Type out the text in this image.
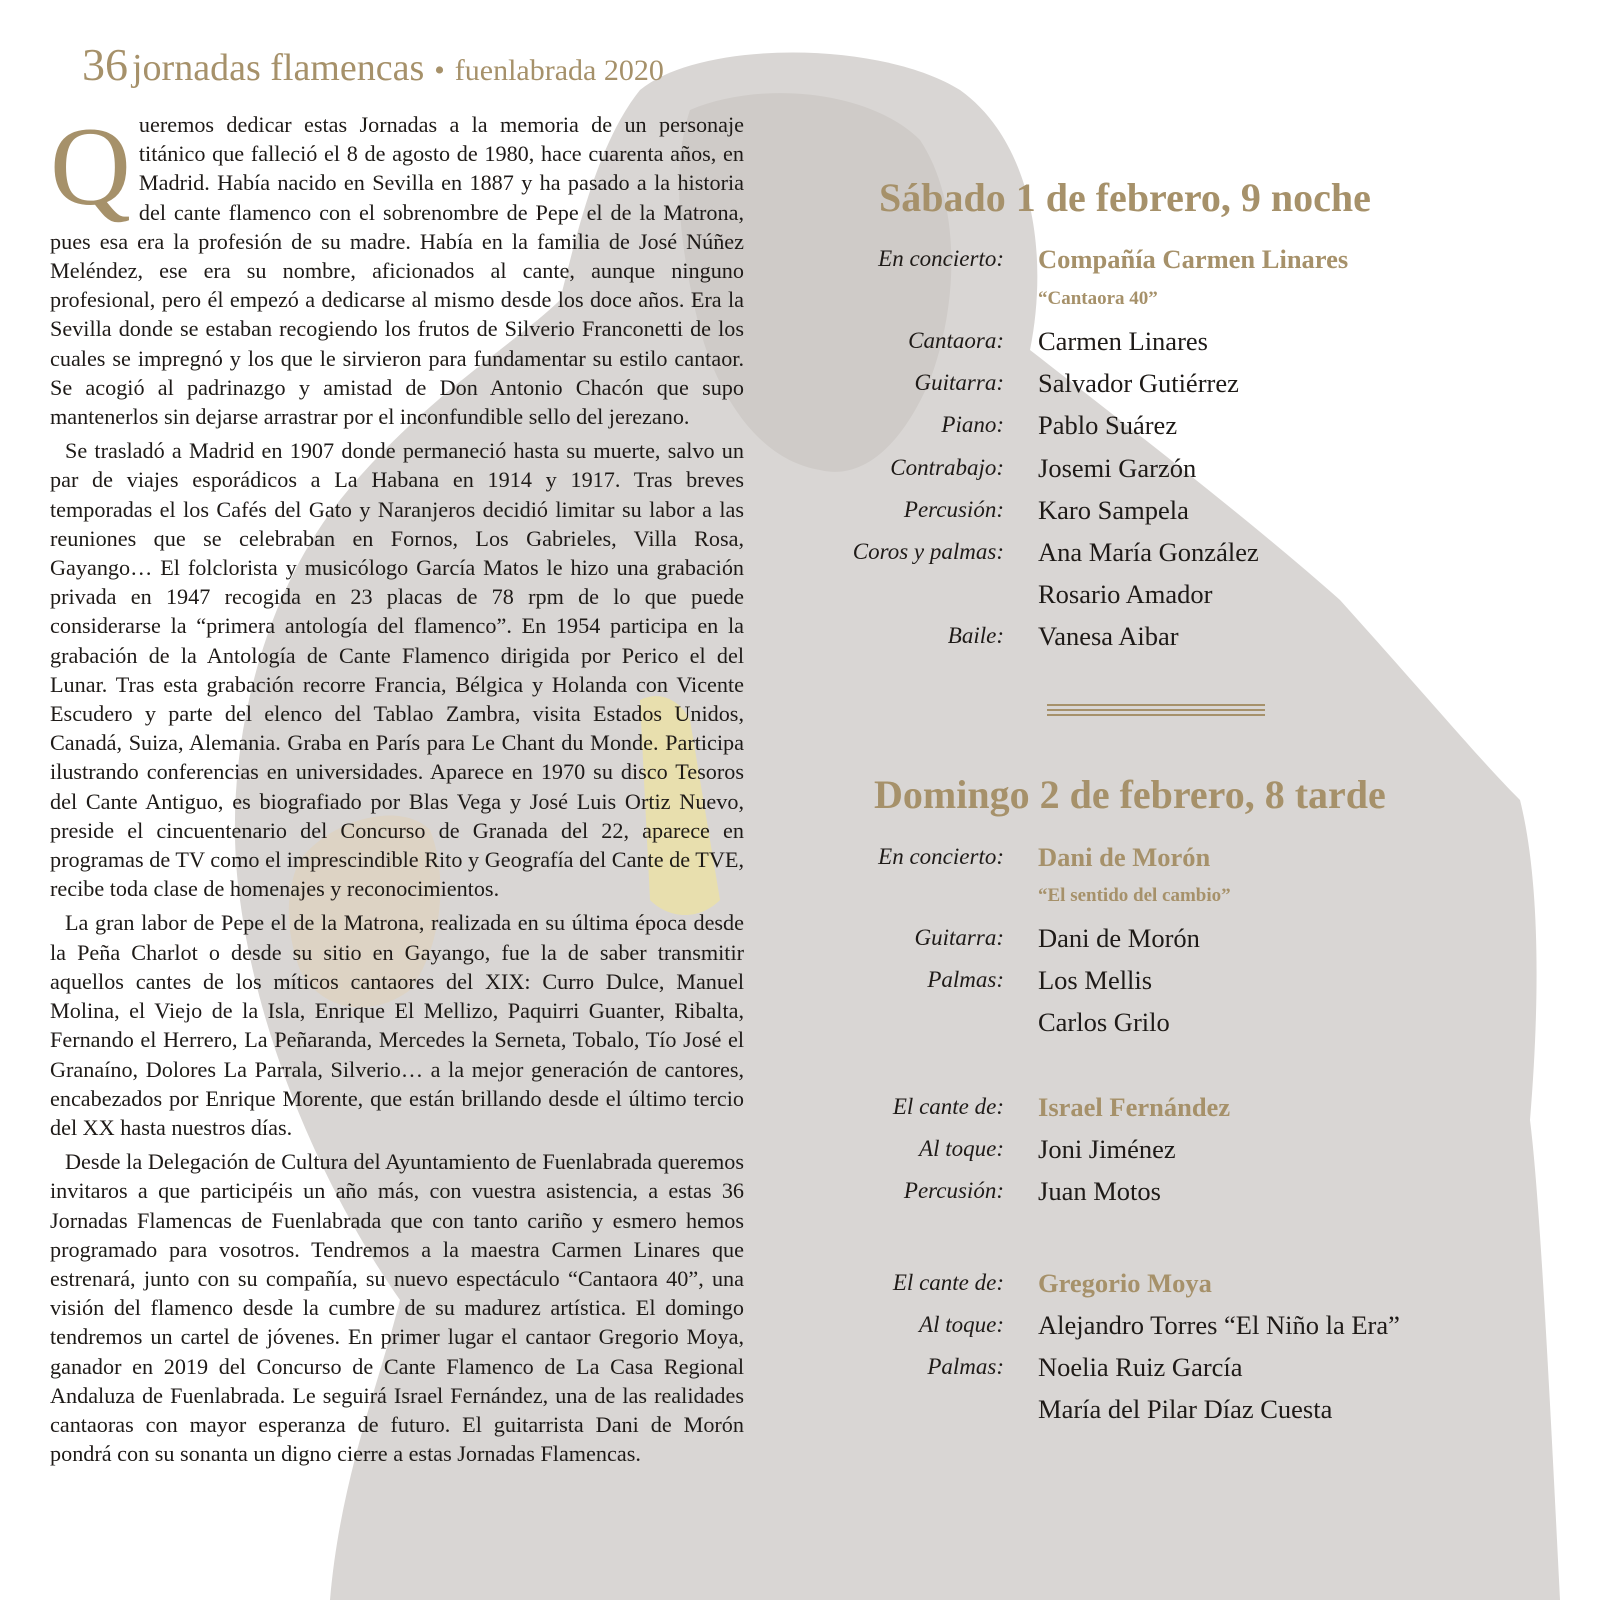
36 jornadas flamencas • fuenlabrada 2020

Queremos dedicar estas Jornadas a la memoria de un personaje titánico que falleció el 8 de agosto de 1980, hace cuarenta años, en Madrid. Había nacido en Sevilla en 1887 y ha pasado a la historia del cante flamenco con el sobrenombre de Pepe el de la Matrona, pues esa era la profesión de su madre. Había en la familia de José Núñez Meléndez, ese era su nombre, aficionados al cante, aunque ninguno profesional, pero él empezó a dedicarse al mismo desde los doce años. Era la Sevilla donde se estaban recogiendo los frutos de Silverio Franconetti de los cuales se impregnó y los que le sirvieron para fundamentar su estilo cantaor. Se acogió al padrinazgo y amistad de Don Antonio Chacón que supo mantenerlos sin dejarse arrastrar por el inconfundible sello del jerezano.

Se trasladó a Madrid en 1907 donde permaneció hasta su muerte, salvo un par de viajes esporádicos a La Habana en 1914 y 1917. Tras breves temporadas el los Cafés del Gato y Naranjeros decidió limitar su labor a las reuniones que se celebraban en Fornos, Los Gabrieles, Villa Rosa, Gayango… El folclorista y musicólogo García Matos le hizo una grabación privada en 1947 recogida en 23 placas de 78 rpm de lo que puede considerarse la “primera antología del flamenco”. En 1954 participa en la grabación de la Antología de Cante Flamenco dirigida por Perico el del Lunar. Tras esta grabación recorre Francia, Bélgica y Holanda con Vicente Escudero y parte del elenco del Tablao Zambra, visita Estados Unidos, Canadá, Suiza, Alemania. Graba en París para Le Chant du Monde. Participa ilustrando conferencias en universidades. Aparece en 1970 su disco Tesoros del Cante Antiguo, es biografiado por Blas Vega y José Luis Ortiz Nuevo, preside el cincuentenario del Concurso de Granada del 22, aparece en programas de TV como el imprescindible Rito y Geografía del Cante de TVE, recibe toda clase de homenajes y reconocimientos.

La gran labor de Pepe el de la Matrona, realizada en su última época desde la Peña Charlot o desde su sitio en Gayango, fue la de saber transmitir aquellos cantes de los míticos cantaores del XIX: Curro Dulce, Manuel Molina, el Viejo de la Isla, Enrique El Mellizo, Paquirri Guanter, Ribalta, Fernando el Herrero, La Peñaranda, Mercedes la Serneta, Tobalo, Tío José el Granaíno, Dolores La Parrala, Silverio… a la mejor generación de cantores, encabezados por Enrique Morente, que están brillando desde el último tercio del XX hasta nuestros días.

Desde la Delegación de Cultura del Ayuntamiento de Fuenlabrada queremos invitaros a que participéis un año más, con vuestra asistencia, a estas 36 Jornadas Flamencas de Fuenlabrada que con tanto cariño y esmero hemos programado para vosotros. Tendremos a la maestra Carmen Linares que estrenará, junto con su compañía, su nuevo espectáculo “Cantaora 40”, una visión del flamenco desde la cumbre de su madurez artística. El domingo tendremos un cartel de jóvenes. En primer lugar el cantaor Gregorio Moya, ganador en 2019 del Concurso de Cante Flamenco de La Casa Regional Andaluza de Fuenlabrada. Le seguirá Israel Fernández, una de las realidades cantaoras con mayor esperanza de futuro. El guitarrista Dani de Morón pondrá con su sonanta un digno cierre a estas Jornadas Flamencas.

Sábado 1 de febrero, 9 noche
En concierto: Compañía Carmen Linares
“Cantaora 40”
Cantaora: Carmen Linares
Guitarra: Salvador Gutiérrez
Piano: Pablo Suárez
Contrabajo: Josemi Garzón
Percusión: Karo Sampela
Coros y palmas: Ana María González
Rosario Amador
Baile: Vanesa Aibar
Domingo 2 de febrero, 8 tarde
En concierto: Dani de Morón
“El sentido del cambio”
Guitarra: Dani de Morón
Palmas: Los Mellis
Carlos Grilo
El cante de: Israel Fernández
Al toque: Joni Jiménez
Percusión: Juan Motos
El cante de: Gregorio Moya
Al toque: Alejandro Torres “El Niño la Era”
Palmas: Noelia Ruiz García
María del Pilar Díaz Cuesta
